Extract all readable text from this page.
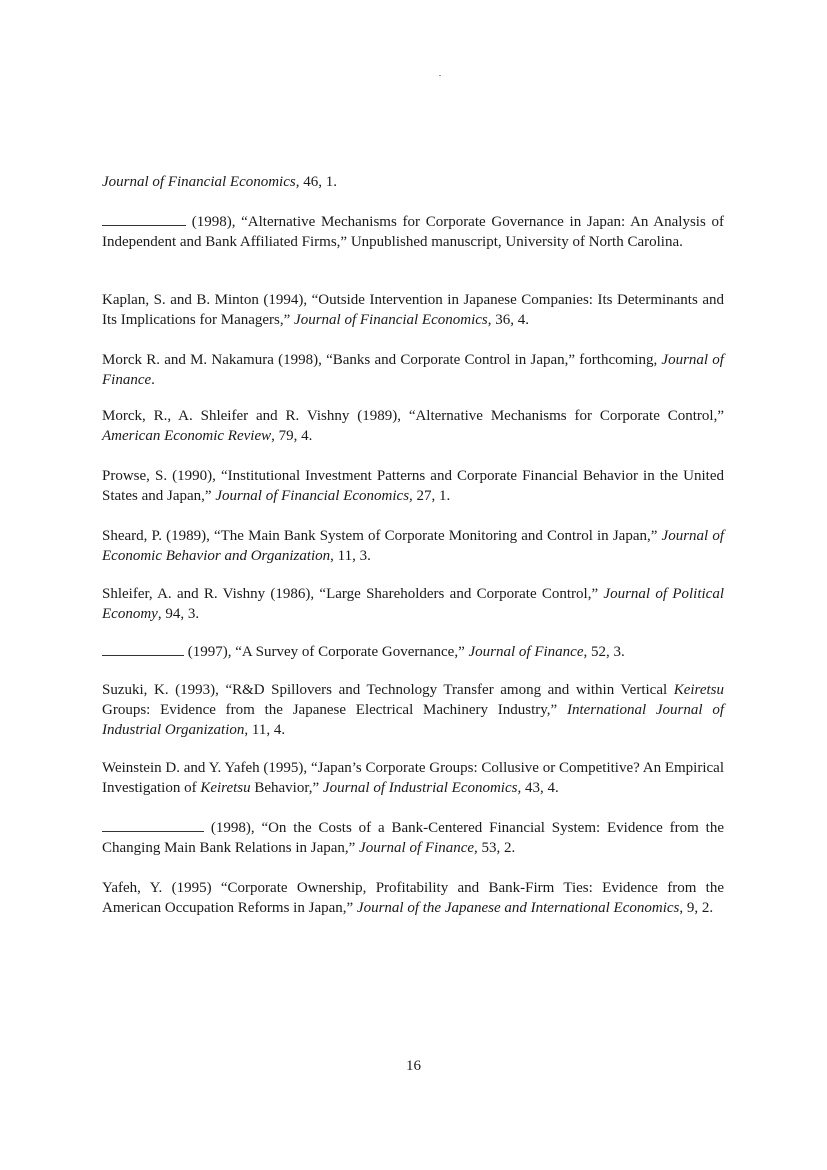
Journal of Financial Economics, 46, 1.

(1998), “Alternative Mechanisms for Corporate Governance in Japan: An Analysis of Independent and Bank Affiliated Firms,” Unpublished manuscript, University of North Carolina.

Kaplan, S. and B. Minton (1994), “Outside Intervention in Japanese Companies: Its Determinants and Its Implications for Managers,” Journal of Financial Economics, 36, 4.

Morck R. and M. Nakamura (1998), “Banks and Corporate Control in Japan,” forthcoming, Journal of Finance.

Morck, R., A. Shleifer and R. Vishny (1989), “Alternative Mechanisms for Corporate Control,” American Economic Review, 79, 4.

Prowse, S. (1990), “Institutional Investment Patterns and Corporate Financial Behavior in the United States and Japan,” Journal of Financial Economics, 27, 1.

Sheard, P. (1989), “The Main Bank System of Corporate Monitoring and Control in Japan,” Journal of Economic Behavior and Organization, 11, 3.

Shleifer, A. and R. Vishny (1986), “Large Shareholders and Corporate Control,” Journal of Political Economy, 94, 3.

(1997), “A Survey of Corporate Governance,” Journal of Finance, 52, 3.

Suzuki, K. (1993), “R&D Spillovers and Technology Transfer among and within Vertical Keiretsu Groups: Evidence from the Japanese Electrical Machinery Industry,” International Journal of Industrial Organization, 11, 4.

Weinstein D. and Y. Yafeh (1995), “Japan’s Corporate Groups: Collusive or Competitive? An Empirical Investigation of Keiretsu Behavior,” Journal of Industrial Economics, 43, 4.

(1998), “On the Costs of a Bank-Centered Financial System: Evidence from the Changing Main Bank Relations in Japan,” Journal of Finance, 53, 2.

Yafeh, Y. (1995) “Corporate Ownership, Profitability and Bank-Firm Ties: Evidence from the American Occupation Reforms in Japan,” Journal of the Japanese and International Economics, 9, 2.

16
